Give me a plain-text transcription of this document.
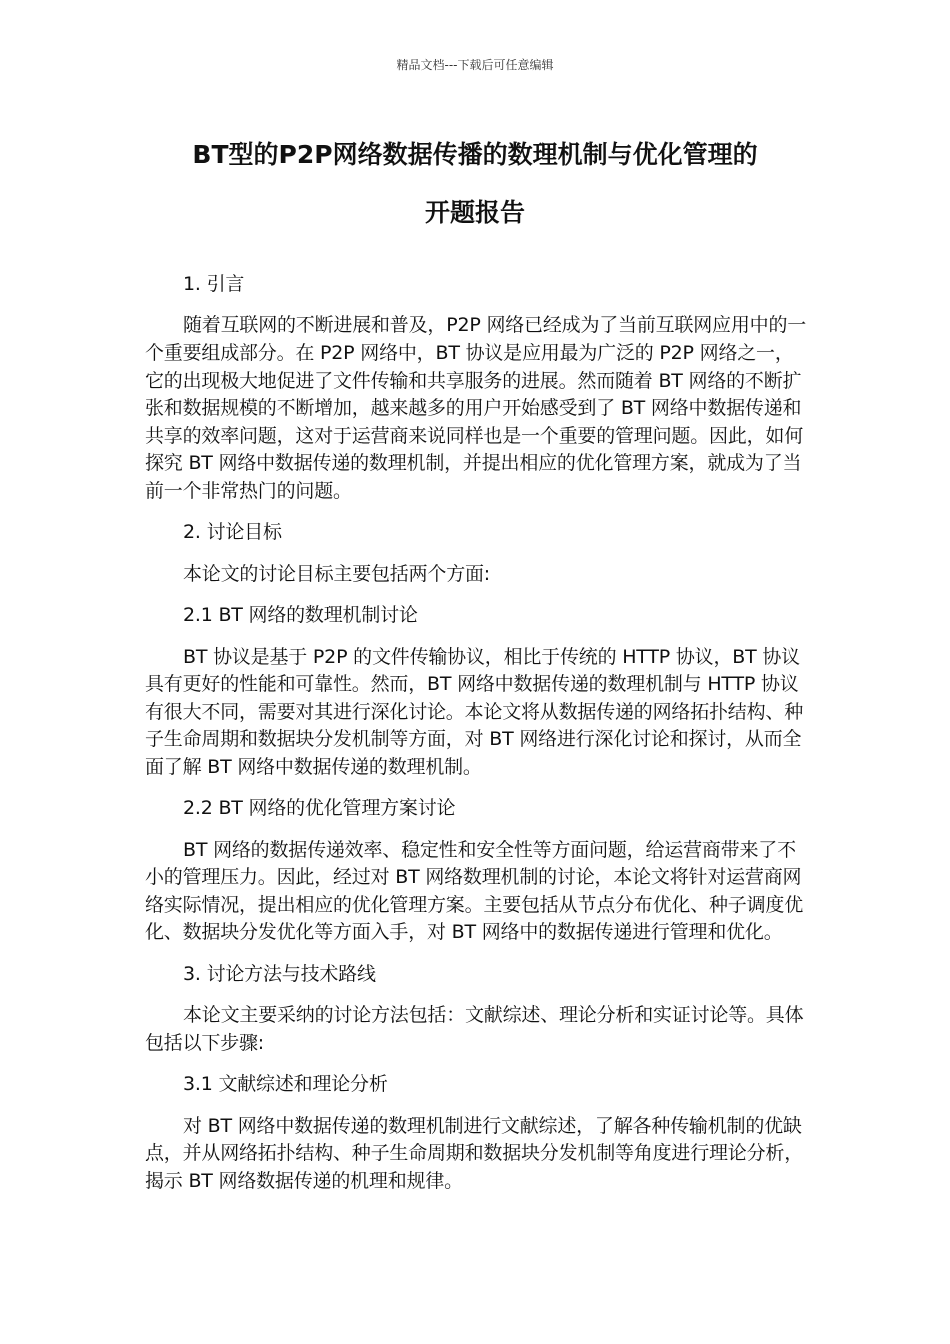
精品文档---下载后可任意编辑
BT型的P2P网络数据传播的数理机制与优化管理的
开题报告

1. 引言

随着互联网的不断进展和普及，P2P 网络已经成为了当前互联网应用中的一个重要组成部分。在 P2P 网络中，BT 协议是应用最为广泛的 P2P 网络之一，它的出现极大地促进了文件传输和共享服务的进展。然而随着 BT 网络的不断扩张和数据规模的不断增加，越来越多的用户开始感受到了 BT 网络中数据传递和共享的效率问题，这对于运营商来说同样也是一个重要的管理问题。因此，如何探究 BT 网络中数据传递的数理机制，并提出相应的优化管理方案，就成为了当前一个非常热门的问题。

2. 讨论目标

本论文的讨论目标主要包括两个方面:

2.1 BT 网络的数理机制讨论

BT 协议是基于 P2P 的文件传输协议，相比于传统的 HTTP 协议，BT 协议具有更好的性能和可靠性。然而，BT 网络中数据传递的数理机制与 HTTP 协议有很大不同，需要对其进行深化讨论。本论文将从数据传递的网络拓扑结构、种子生命周期和数据块分发机制等方面，对 BT 网络进行深化讨论和探讨，从而全面了解 BT 网络中数据传递的数理机制。

2.2 BT 网络的优化管理方案讨论

BT 网络的数据传递效率、稳定性和安全性等方面问题，给运营商带来了不小的管理压力。因此，经过对 BT 网络数理机制的讨论，本论文将针对运营商网络实际情况，提出相应的优化管理方案。主要包括从节点分布优化、种子调度优化、数据块分发优化等方面入手，对 BT 网络中的数据传递进行管理和优化。

3. 讨论方法与技术路线

本论文主要采纳的讨论方法包括：文献综述、理论分析和实证讨论等。具体包括以下步骤:

3.1 文献综述和理论分析

对 BT 网络中数据传递的数理机制进行文献综述，了解各种传输机制的优缺点，并从网络拓扑结构、种子生命周期和数据块分发机制等角度进行理论分析，揭示 BT 网络数据传递的机理和规律。
